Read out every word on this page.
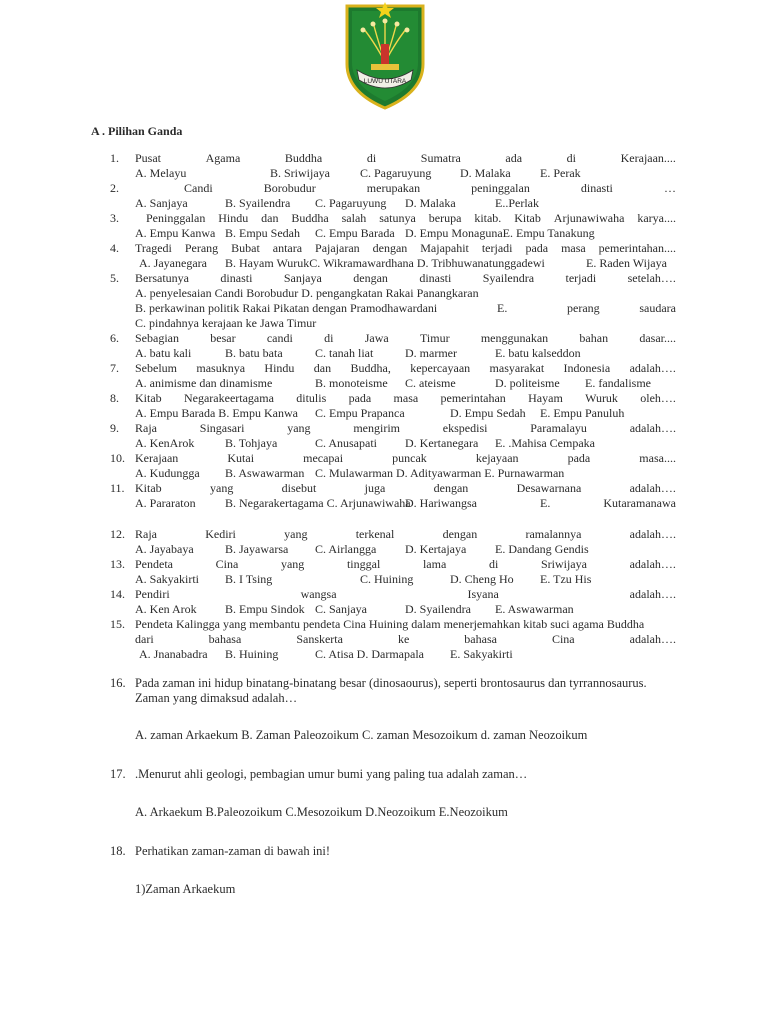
LUWU UTARA
A . Pilihan Ganda
1. Pusat	Agama	Buddha	di	Sumatra	ada	di	Kerajaan....
A. Melayu	B. Sriwijaya	C. Pagaruyung D. Malaka E. Perak
2.	Candi	Borobudur	merupakan	peninggalan	dinasti	…
A. Sanjaya	B. Syailendra C. Pagaruyung D. Malaka	E..Perlak
3. Peninggalan Hindu dan Buddha salah satunya berupa kitab. Kitab Arjunawiwaha karya....
A. Empu Kanwa B. Empu Sedah C. Empu Barada D. Empu MonagunaE. Empu Tanakung
4. Tragedi Perang Bubat antara Pajajaran dengan Majapahit terjadi pada masa pemerintahan....
A. Jayanegara B. Hayam WurukC. Wikramawardhana D. Tribhuwanatunggadewi	E. Raden Wijaya
5. Bersatunya	dinasti	Sanjaya	dengan	dinasti	Syailendra	terjadi	setelah….
A. penyelesaian Candi Borobudur D. pengangkatan Rakai Panangkaran
B. perkawinan politik Rakai Pikatan dengan Pramodhawardani	E.	perang	saudara
C. pindahnya kerajaan ke Jawa Timur
6. Sebagian	besar	candi	di	Jawa	Timur	menggunakan	bahan	dasar....
A. batu kali	B. batu bata	C. tanah liat	D. marmer	E. batu kalseddon
7. Sebelum masuknya Hindu dan Buddha, kepercayaan masyarakat Indonesia adalah….
A. animisme dan dinamisme	B. monoteisme C. ateisme	D. politeisme E. fandalisme
8. Kitab Negarakeertagama ditulis pada masa pemerintahan Hayam Wuruk oleh….
A. Empu Barada B. Empu Kanwa C. Empu Prapanca	D. Empu Sedah E. Empu Panuluh
9. Raja	Singasari	yang	mengirim	ekspedisi	Paramalayu	adalah….
A. KenArok	B. Tohjaya	C. Anusapati D. Kertanegara E. .Mahisa Cempaka
10. Kerajaan	Kutai	mecapai	puncak	kejayaan	pada	masa....
A. Kudungga B. Aswawarman C. Mulawarman D. Adityawarman E. Purnawarman
11. Kitab	yang	disebut	juga	dengan	Desawarnana	adalah….
A. Pararaton B. Negarakertagama C. Arjunawiwaha
D. Hariwangsa	E.	Kutaramanawa
12. Raja	Kediri	yang	terkenal	dengan	ramalannya	adalah….
A. Jayabaya	B. Jayawarsa C. Airlangga D. Kertajaya E. Dandang Gendis
13. Pendeta	Cina	yang	tinggal	lama	di	Sriwijaya	adalah….
A. Sakyakirti B. I Tsing	C. Huining	D. Cheng Ho E. Tzu His
14. Pendiri	wangsa	Isyana	adalah….
A. Ken Arok B. Empu Sindok C. Sanjaya	D. Syailendra E. Aswawarman
15. Pendeta Kalingga yang membantu pendeta Cina Huining dalam menerjemahkan kitab suci agama Buddha
dari	bahasa	Sanskerta	ke	bahasa	Cina	adalah….
A. Jnanabadra B. Huining	C. Atisa D. Darmapala E. Sakyakirti
16. Pada zaman ini hidup binatang-binatang besar (dinosaourus), seperti brontosaurus dan tyrrannosaurus.
Zaman yang dimaksud adalah…
A. zaman Arkaekum B. Zaman Paleozoikum C. zaman Mesozoikum d. zaman Neozoikum
17. .Menurut ahli geologi, pembagian umur bumi yang paling tua adalah zaman…
A. Arkaekum B.Paleozoikum C.Mesozoikum D.Neozoikum E.Neozoikum
18. Perhatikan zaman-zaman di bawah ini!
1)Zaman Arkaekum
